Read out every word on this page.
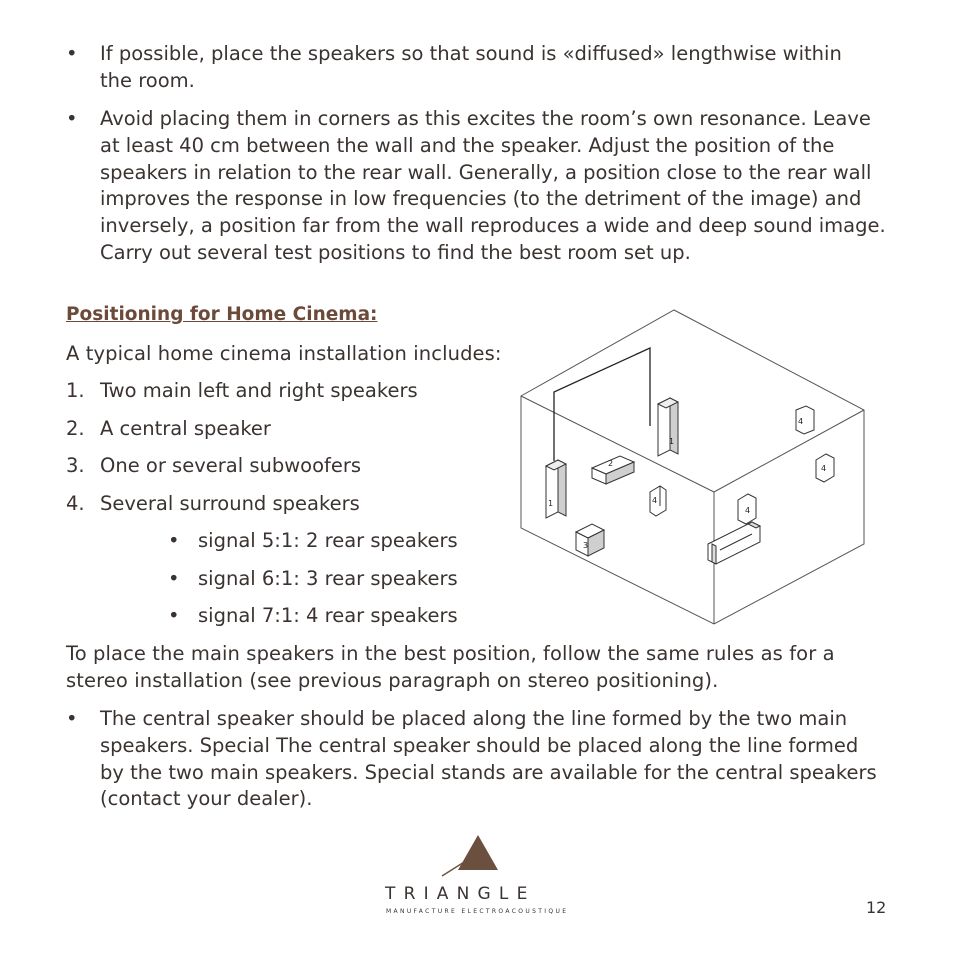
• If possible, place the speakers so that sound is «diffused» lengthwise within
the room.
• Avoid placing them in corners as this excites the room’s own resonance. Leave
at least 40 cm between the wall and the speaker. Adjust the position of the
speakers in relation to the rear wall. Generally, a position close to the rear wall
improves the response in low frequencies (to the detriment of the image) and
inversely, a position far from the wall reproduces a wide and deep sound image.
Carry out several test positions to find the best room set up.
Positioning for Home Cinema:
A typical home cinema installation includes:
1. Two main left and right speakers
2. A central speaker
3. One or several subwoofers
4. Several surround speakers
• signal 5:1: 2 rear speakers
• signal 6:1: 3 rear speakers
• signal 7:1: 4 rear speakers
To place the main speakers in the best position, follow the same rules as for a
stereo installation (see previous paragraph on stereo positioning).
• The central speaker should be placed along the line formed by the two main
speakers. Special The central speaker should be placed along the line formed
by the two main speakers. Special stands are available for the central speakers
(contact your dealer).
1
1
2
3
4
4
4
4
TRIANGLE
MANUFACTURE ELECTROACOUSTIQUE	12
